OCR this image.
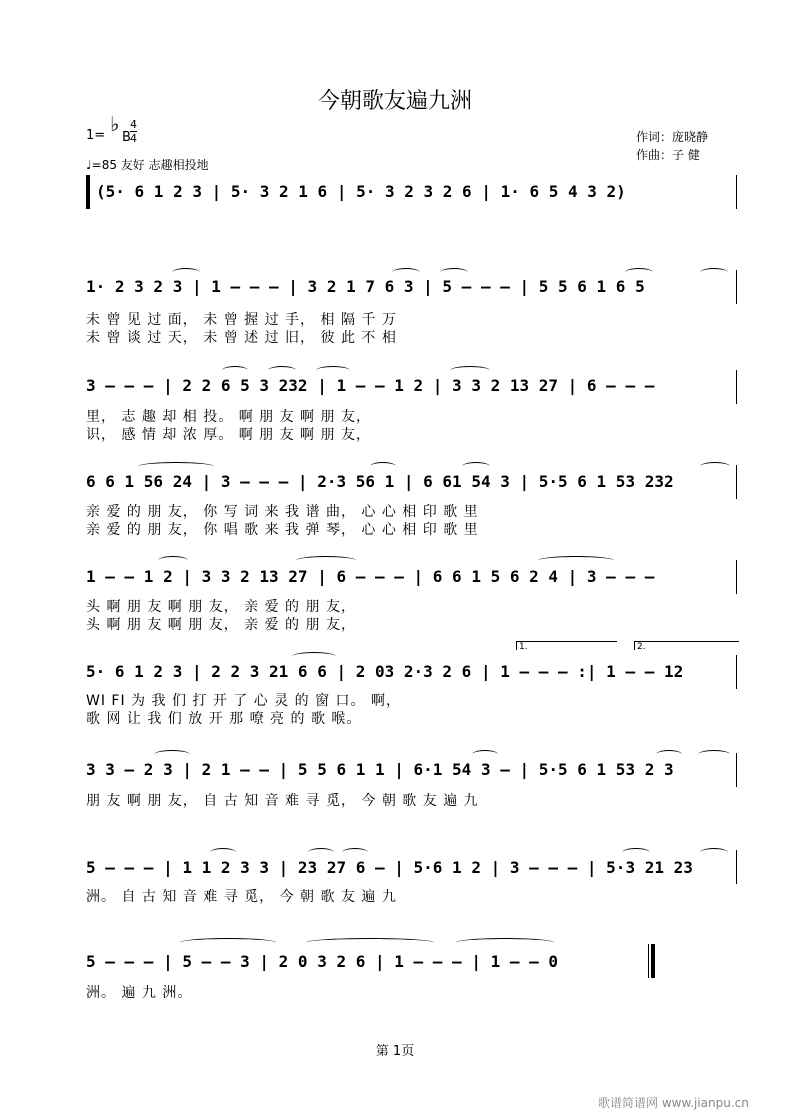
今朝歌友遍九洲
1= ♭
B
4
4
♩=85 友好 志趣相投地
作词：庞晓静
作曲：子 健
(5· 6 1 2 3 | 5· 3 2 1 6 | 5· 3 2 3 2 6 | 1· 6 5 4 3 2)
1· 2 3 2 3 | 1 – – – | 3 2 1 7 6 3 | 5 – – – | 5 5 6 1 6 5
未 曾 见 过 面， 未 曾 握 过 手， 相 隔 千 万
未 曾 谈 过 天， 未 曾 述 过 旧， 彼 此 不 相
3 – – – | 2 2 6 5 3 232 | 1 – – 1 2 | 3 3 2 13 27 | 6 – – –
里， 志 趣 却 相 投。 啊 朋 友 啊 朋 友，
识， 感 情 却 浓 厚。 啊 朋 友 啊 朋 友，
6 6 1 56 24 | 3 – – – | 2·3 56 1 | 6 61 54 3 | 5·5 6 1 53 232
亲 爱 的 朋 友， 你 写 词 来 我 谱 曲， 心 心 相 印 歌 里
亲 爱 的 朋 友， 你 唱 歌 来 我 弹 琴， 心 心 相 印 歌 里
1 – – 1 2 | 3 3 2 13 27 | 6 – – – | 6 6 1 5 6 2 4 | 3 – – –
头 啊 朋 友 啊 朋 友， 亲 爱 的 朋 友，
头 啊 朋 友 啊 朋 友， 亲 爱 的 朋 友，
1.	2.
5· 6 1 2 3 | 2 2 3 21 6 6 | 2 03 2·3 2 6 | 1 – – – :| 1 – – 12
WI FI 为 我 们 打 开 了 心 灵 的 窗 口。 啊，
歌 网 让 我 们 放 开 那 嘹 亮 的 歌 喉。
3 3 – 2 3 | 2 1 – – | 5 5 6 1 1 | 6·1 54 3 – | 5·5 6 1 53 2 3
朋 友 啊 朋 友， 自 古 知 音 难 寻 觅， 今 朝 歌 友 遍 九
5 – – – | 1 1 2 3 3 | 23 27 6 – | 5·6 1 2 | 3 – – – | 5·3 21 23
洲。 自 古 知 音 难 寻 觅， 今 朝 歌 友 遍 九
5 – – – | 5 – – 3 | 2 0 3 2 6 | 1 – – – | 1 – – 0
洲。 遍 九 洲。
第 1页
歌谱简谱网 www.jianpu.cn
